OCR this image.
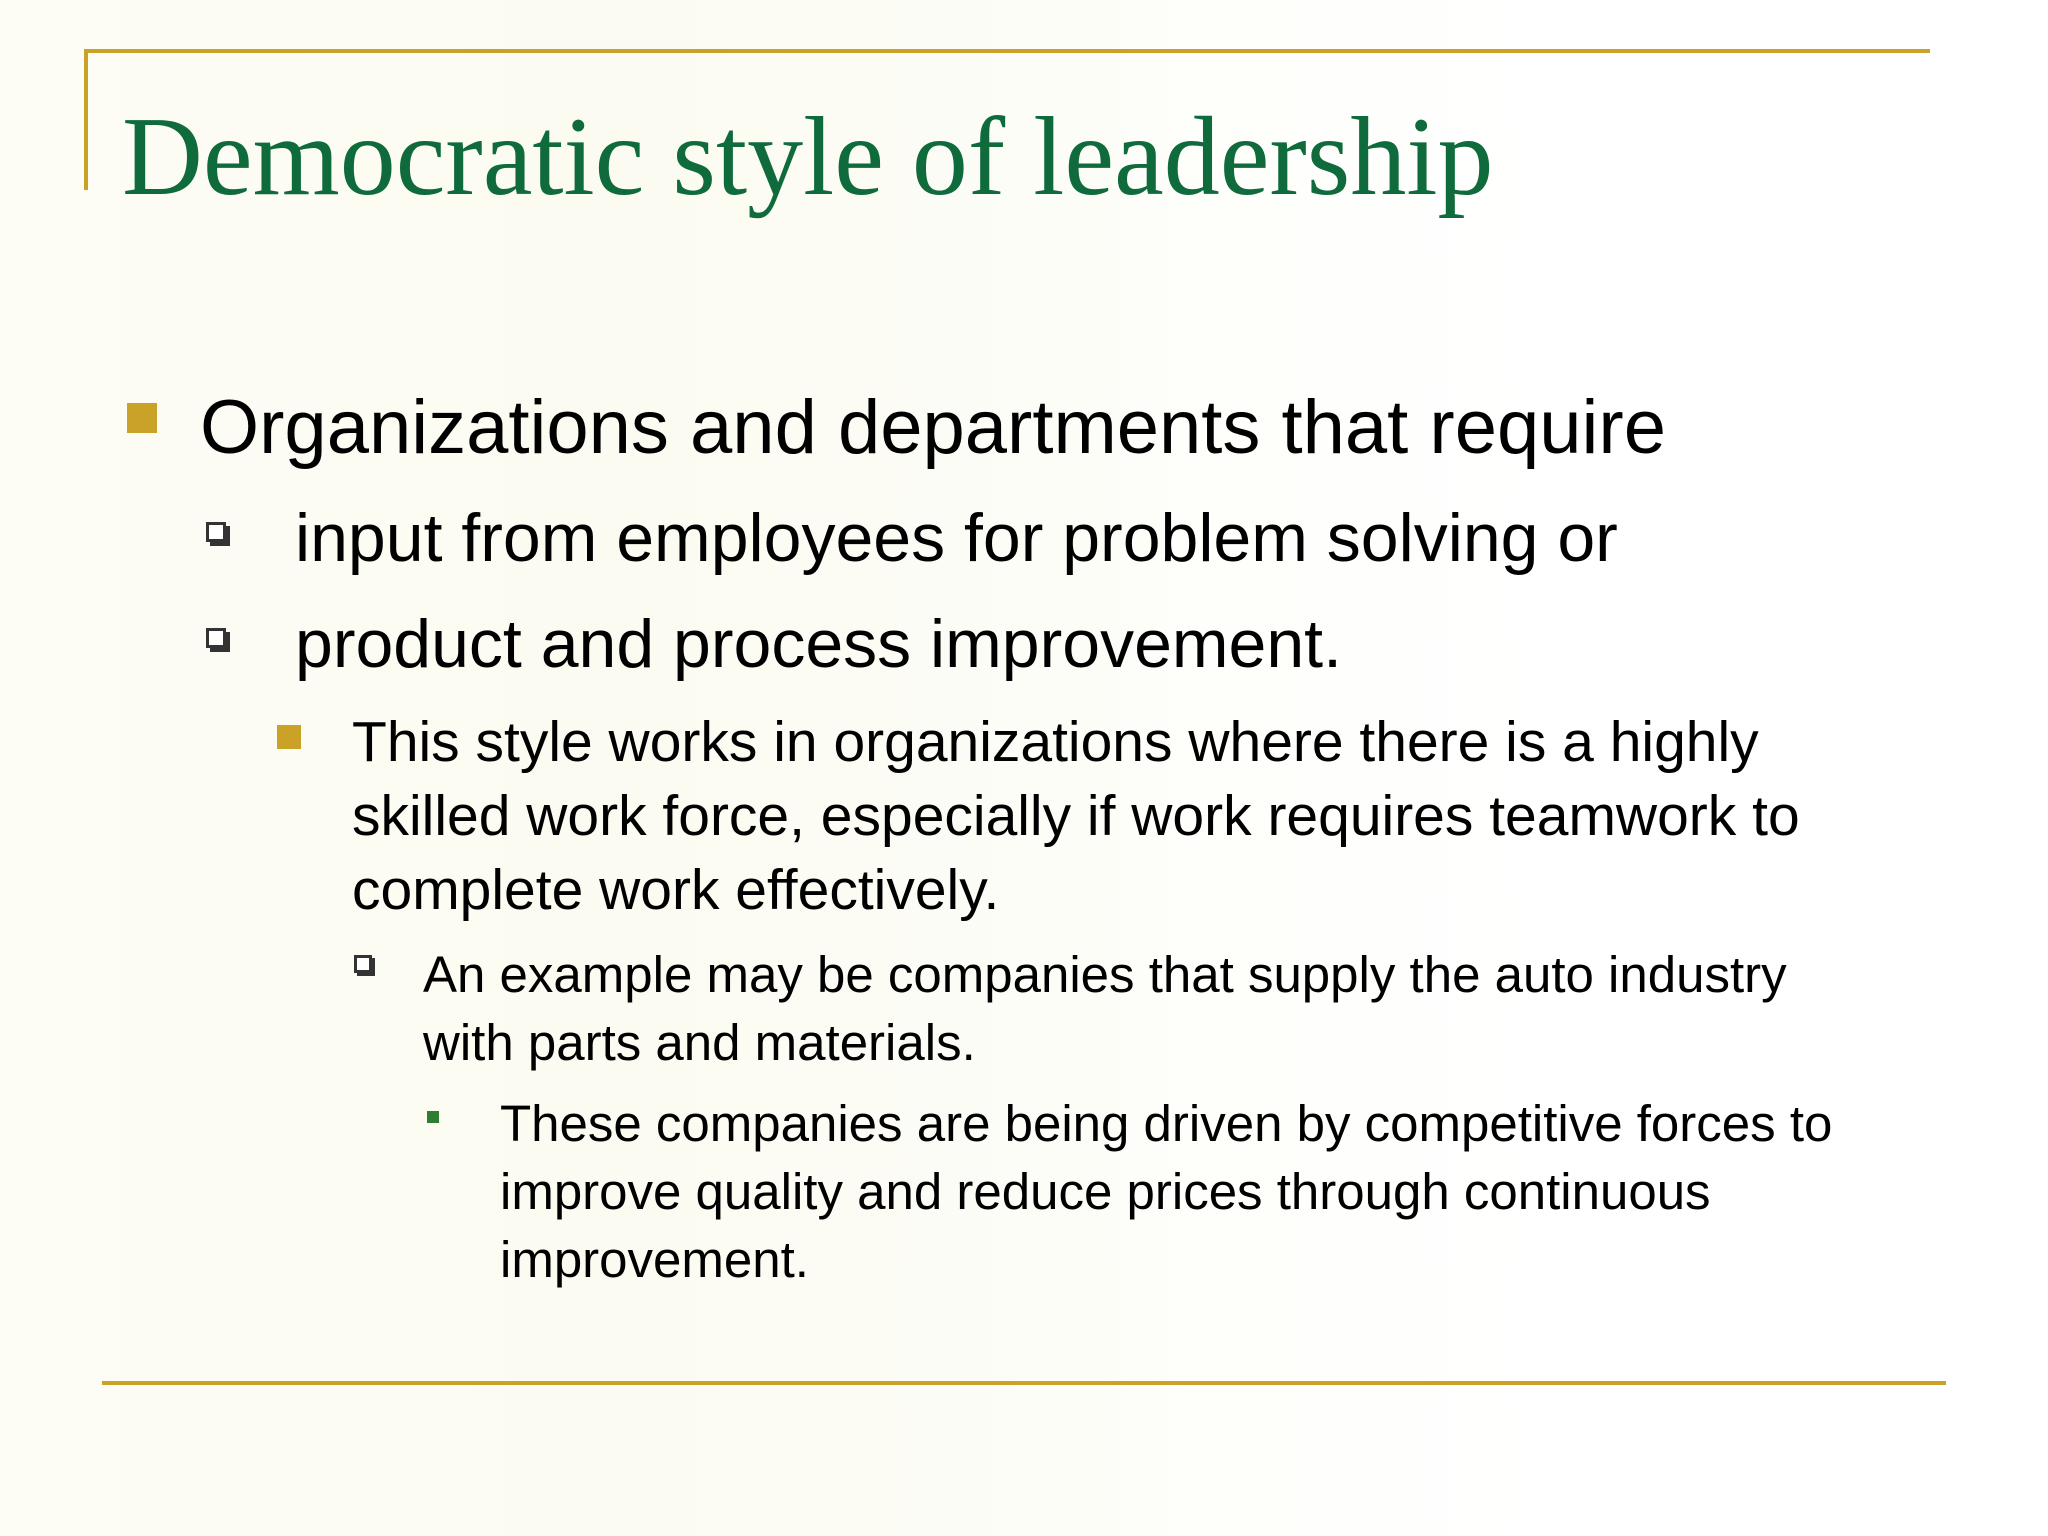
Democratic style of leadership

Organizations and departments that require

input from employees for problem solving or

product and process improvement.

This style works in organizations where there is a highly skilled work force, especially if work requires teamwork to complete work effectively.

An example may be companies that supply the auto industry with parts and materials.

These companies are being driven by competitive forces to improve quality and reduce prices through continuous improvement.
